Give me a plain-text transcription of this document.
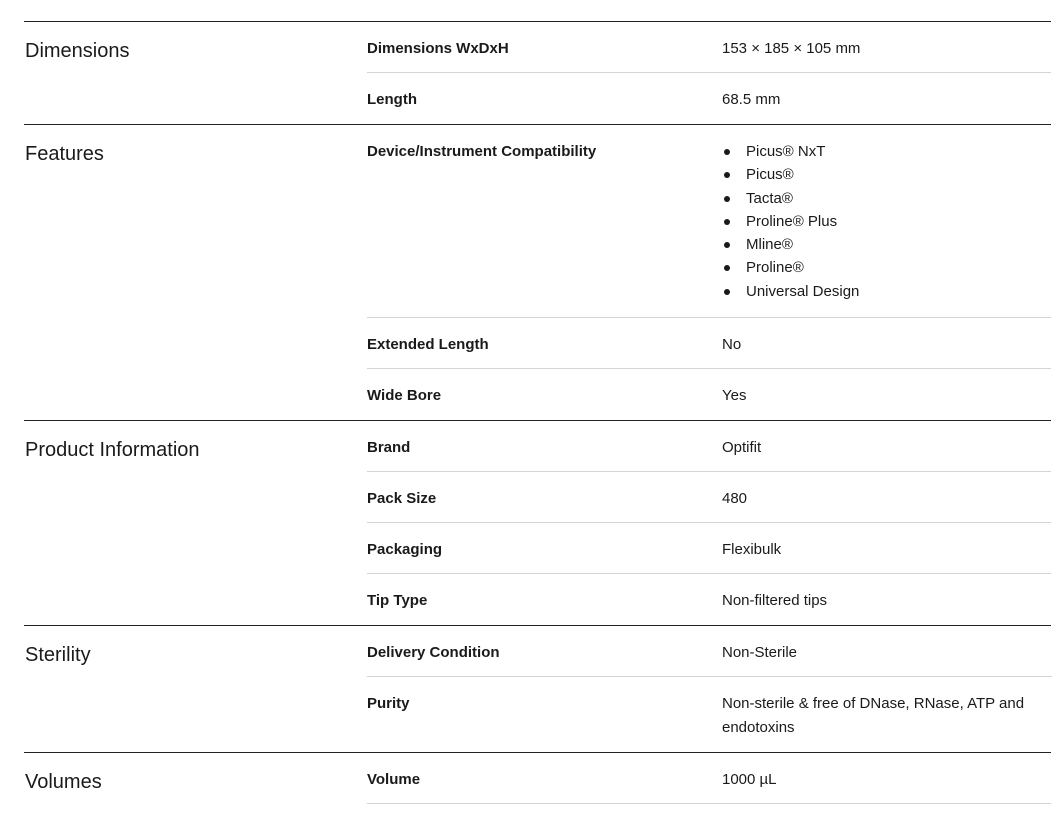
Dimensions	Dimensions WxDxH	153 × 185 × 105 mm
Length	68.5 mm
Features	Device/Instrument Compatibility	Picus® NxT
Picus®
Tacta®
Proline® Plus
Mline®
Proline®
Universal Design
Extended Length	No
Wide Bore	Yes
Product Information	Brand	Optifit
Pack Size	480
Packaging	Flexibulk
Tip Type	Non-filtered tips
Sterility	Delivery Condition	Non-Sterile
Purity	Non-sterile & free of DNase, RNase, ATP and endotoxins
Volumes	Volume	1000 µL
